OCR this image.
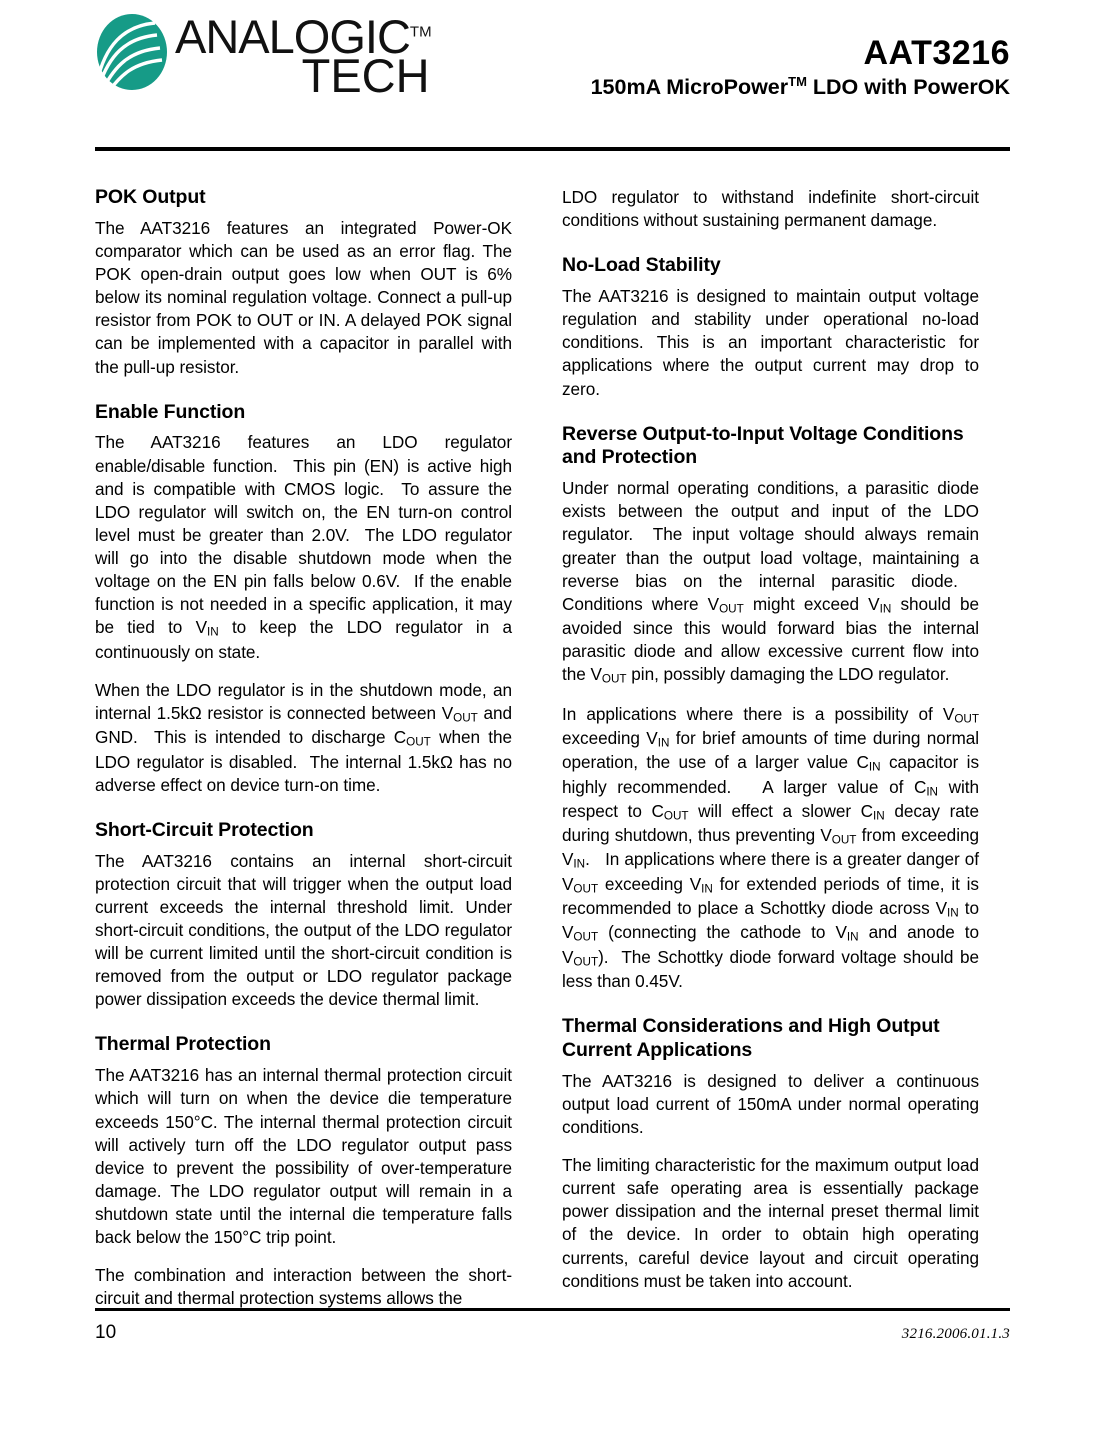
ANALOGIC™
TECH	AAT3216
150mA MicroPower™ LDO with PowerOK
POK Output

The AAT3216 features an integrated Power-OK comparator which can be used as an error flag. The POK open-drain output goes low when OUT is 6% below its nominal regulation voltage. Connect a pull-up resistor from POK to OUT or IN. A delayed POK signal can be implemented with a capacitor in parallel with the pull-up resistor.

Enable Function

The AAT3216 features an LDO regulator enable/disable function.  This pin (EN) is active high and is compatible with CMOS logic.  To assure the LDO regulator will switch on, the EN turn-on control level must be greater than 2.0V.  The LDO regulator will go into the disable shutdown mode when the voltage on the EN pin falls below 0.6V.  If the enable function is not needed in a specific application, it may be tied to $V_{IN}$ to keep the LDO regulator in a continuously on state.

When the LDO regulator is in the shutdown mode, an internal 1.5kΩ resistor is connected between $V_{OUT}$ and GND.  This is intended to discharge $C_{OUT}$ when the LDO regulator is disabled.  The internal 1.5kΩ has no adverse effect on device turn-on time.

Short-Circuit Protection

The AAT3216 contains an internal short-circuit protection circuit that will trigger when the output load current exceeds the internal threshold limit. Under short-circuit conditions, the output of the LDO regulator will be current limited until the short-circuit condition is removed from the output or LDO regulator package power dissipation exceeds the device thermal limit.

Thermal Protection

The AAT3216 has an internal thermal protection circuit which will turn on when the device die temperature exceeds 150°C. The internal thermal protection circuit will actively turn off the LDO regulator output pass device to prevent the possibility of over-temperature damage. The LDO regulator output will remain in a shutdown state until the internal die temperature falls back below the 150°C trip point.

The combination and interaction between the short-circuit and thermal protection systems allows the

LDO regulator to withstand indefinite short-circuit conditions without sustaining permanent damage.

No-Load Stability

The AAT3216 is designed to maintain output voltage regulation and stability under operational no-load conditions. This is an important characteristic for applications where the output current may drop to zero.

Reverse Output-to-Input Voltage Conditions and Protection

Under normal operating conditions, a parasitic diode exists between the output and input of the LDO regulator.  The input voltage should always remain greater than the output load voltage, maintaining a reverse bias on the internal parasitic diode.   Conditions where $V_{OUT}$ might exceed $V_{IN}$ should be avoided since this would forward bias the internal parasitic diode and allow excessive current flow into the $V_{OUT}$ pin, possibly damaging the LDO regulator.

In applications where there is a possibility of $V_{OUT}$ exceeding $V_{IN}$ for brief amounts of time during normal operation, the use of a larger value $C_{IN}$ capacitor is highly recommended.   A larger value of $C_{IN}$ with respect to $C_{OUT}$ will effect a slower $C_{IN}$ decay rate during shutdown, thus preventing $V_{OUT}$ from exceeding $V_{IN}$.   In applications where there is a greater danger of $V_{OUT}$ exceeding $V_{IN}$ for extended periods of time, it is recommended to place a Schottky diode across $V_{IN}$ to $V_{OUT}$ (connecting the cathode to $V_{IN}$ and anode to $V_{OUT}$).  The Schottky diode forward voltage should be less than 0.45V.

Thermal Considerations and High Output Current Applications

The AAT3216 is designed to deliver a continuous output load current of 150mA under normal operating conditions.

The limiting characteristic for the maximum output load current safe operating area is essentially package power dissipation and the internal preset thermal limit of the device. In order to obtain high operating currents, careful device layout and circuit operating conditions must be taken into account.

10	3216.2006.01.1.3
